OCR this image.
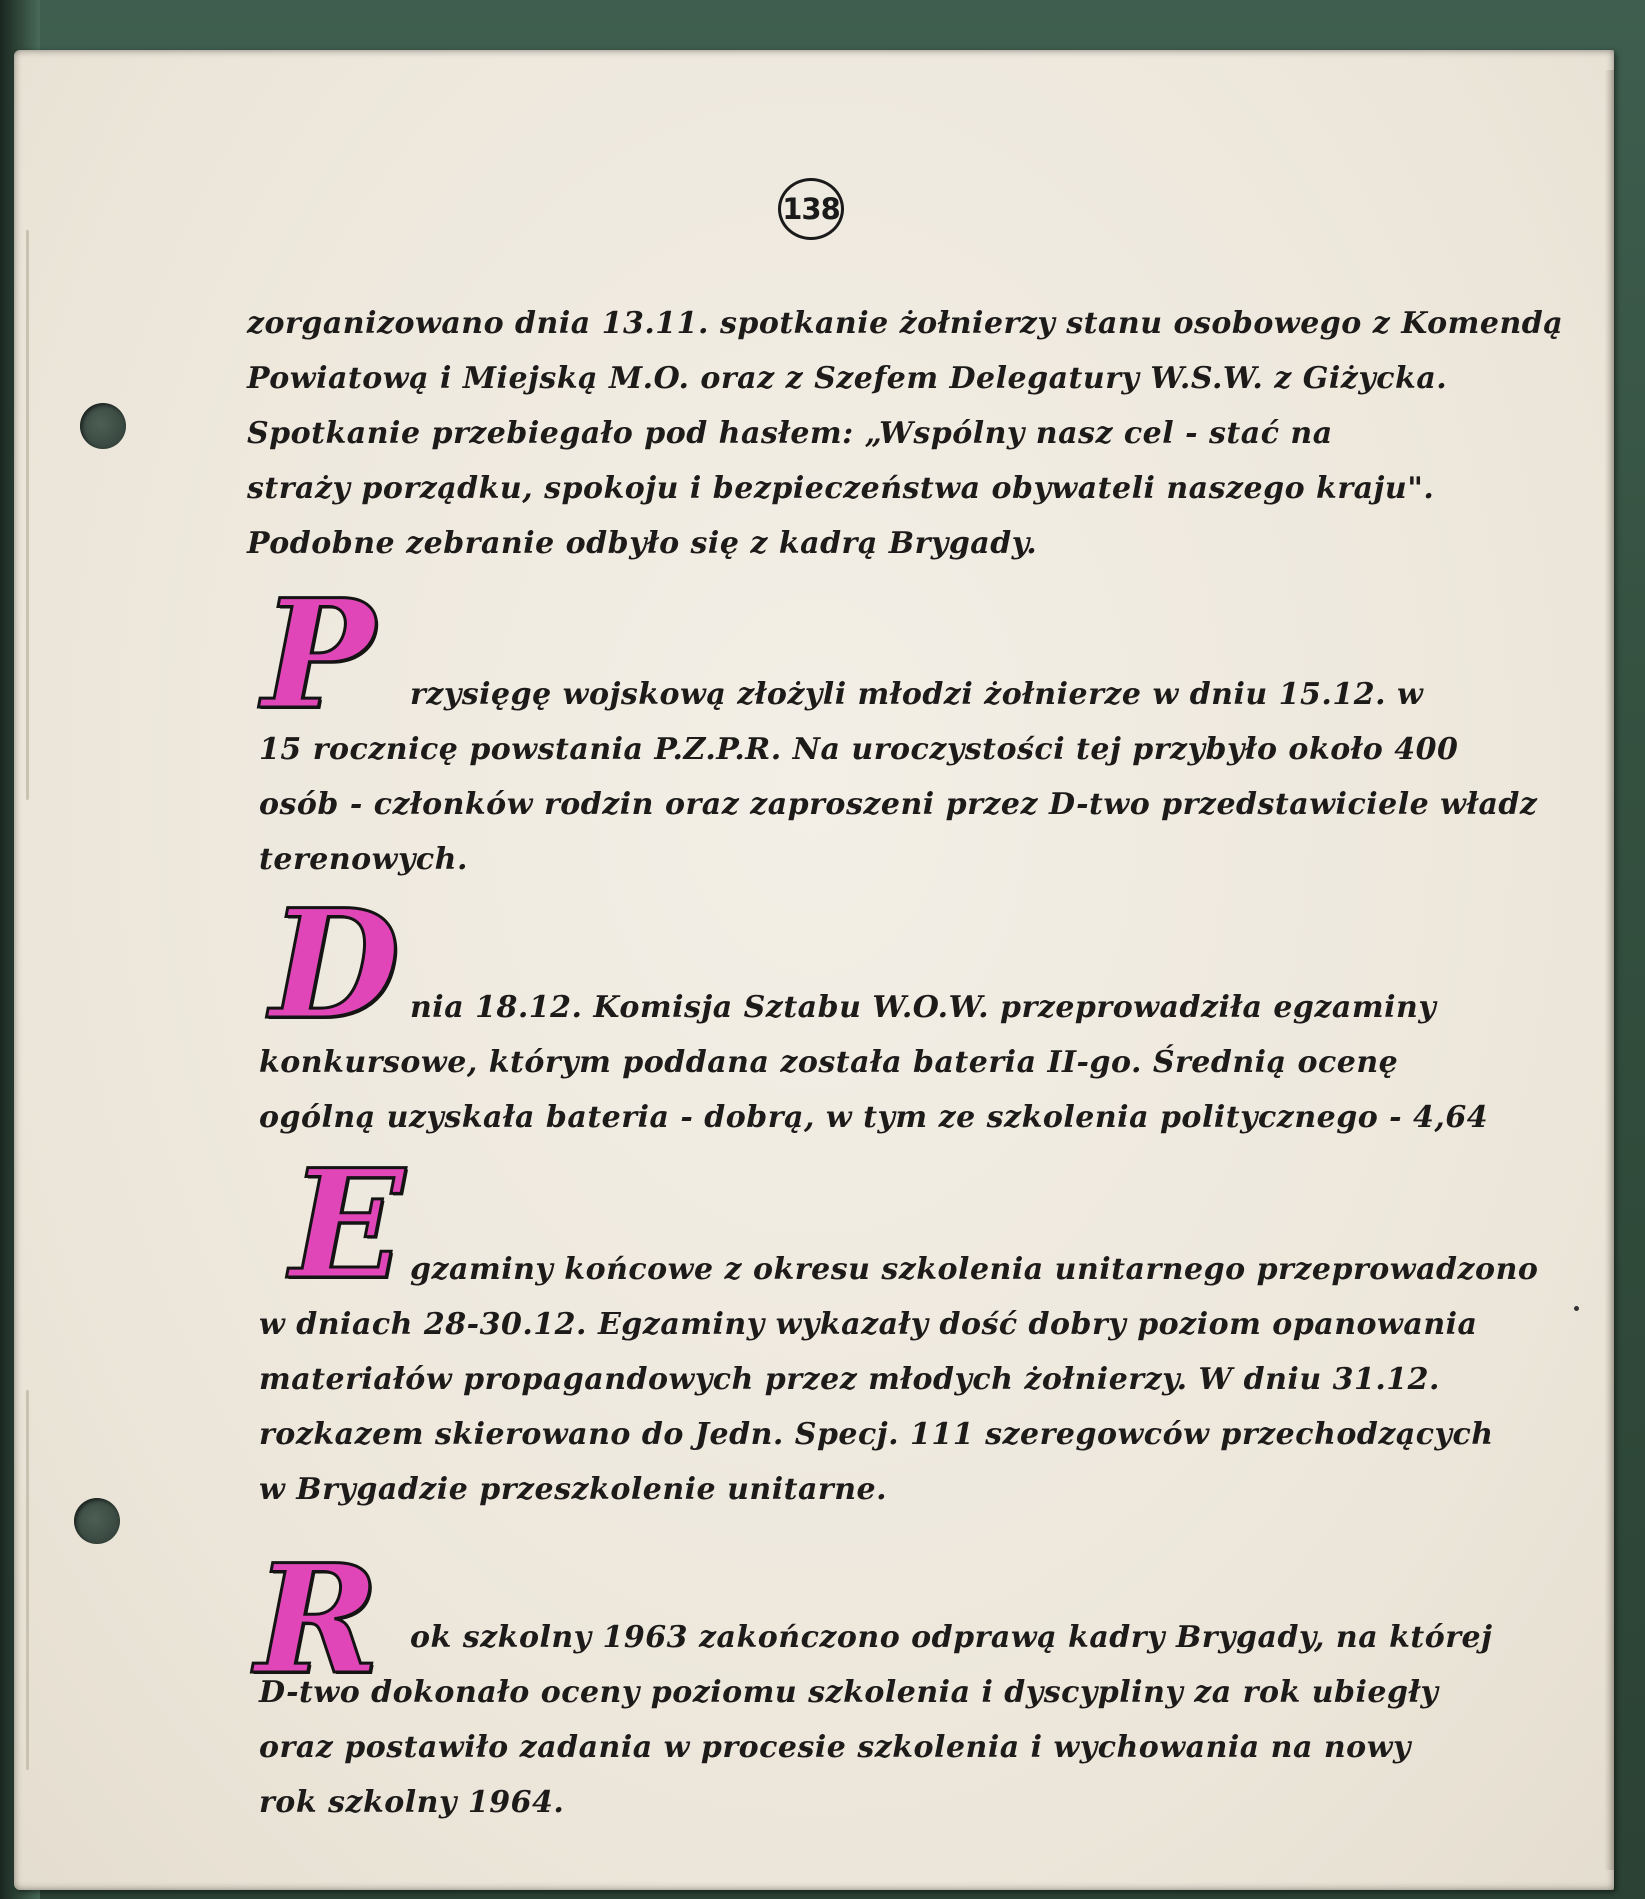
138
zorganizowano dnia 13.11. spotkanie żołnierzy stanu osobowego z Komendą
Powiatową i Miejską M.O. oraz z Szefem Delegatury W.S.W. z Giżycka.
Spotkanie przebiegało pod hasłem: „Wspólny nasz cel - stać na
straży porządku, spokoju i bezpieczeństwa obywateli naszego kraju".
Podobne zebranie odbyło się z kadrą Brygady.
P rzysięgę wojskową złożyli młodzi żołnierze w dniu 15.12. w
15 rocznicę powstania P.Z.P.R. Na uroczystości tej przybyło około 400
osób - członków rodzin oraz zaproszeni przez D-two przedstawiciele władz
terenowych.
D nia 18.12. Komisja Sztabu W.O.W. przeprowadziła egzaminy
konkursowe, którym poddana została bateria II-go. Średnią ocenę
ogólną uzyskała bateria - dobrą, w tym ze szkolenia politycznego - 4,64
E gzaminy końcowe z okresu szkolenia unitarnego przeprowadzono
w dniach 28-30.12. Egzaminy wykazały dość dobry poziom opanowania
materiałów propagandowych przez młodych żołnierzy. W dniu 31.12.
rozkazem skierowano do Jedn. Specj. 111 szeregowców przechodzących
w Brygadzie przeszkolenie unitarne.
R ok szkolny 1963 zakończono odprawą kadry Brygady, na której
D-two dokonało oceny poziomu szkolenia i dyscypliny za rok ubiegły
oraz postawiło zadania w procesie szkolenia i wychowania na nowy
rok szkolny 1964.
